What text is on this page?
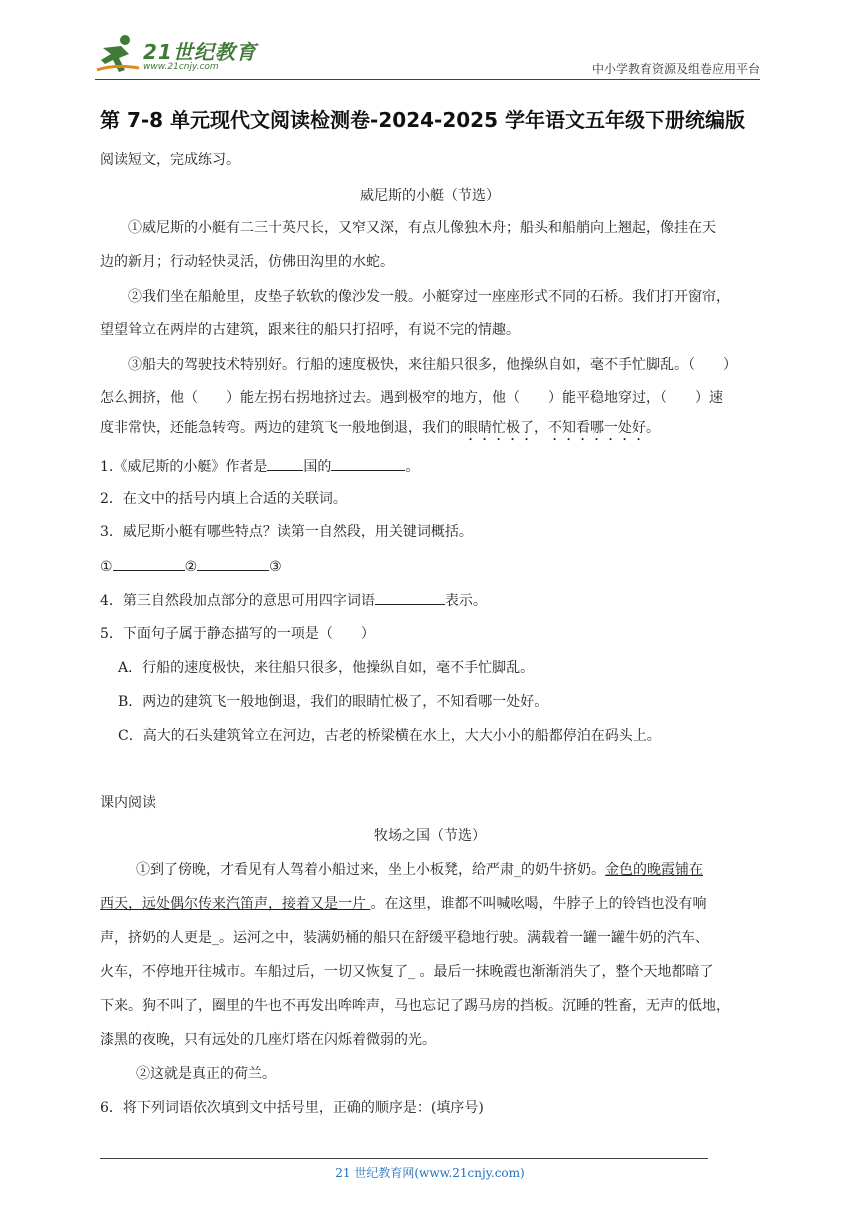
21世纪教育
www.21cnjy.com	中小学教育资源及组卷应用平台
第 7-8 单元现代文阅读检测卷-2024-2025 学年语文五年级下册统编版
阅读短文，完成练习。
威尼斯的小艇（节选）
①威尼斯的小艇有二三十英尺长，又窄又深，有点儿像独木舟；船头和船艄向上翘起，像挂在天
边的新月；行动轻快灵活，仿佛田沟里的水蛇。
②我们坐在船舱里，皮垫子软软的像沙发一般。小艇穿过一座座形式不同的石桥。我们打开窗帘，
望望耸立在两岸的古建筑，跟来往的船只打招呼，有说不完的情趣。
③船夫的驾驶技术特别好。行船的速度极快，来往船只很多，他操纵自如，毫不手忙脚乱。（　　）
怎么拥挤，他（　　）能左拐右拐地挤过去。遇到极窄的地方，他（　　）能平稳地穿过，（　　）速
度非常快，还能急转弯。两边的建筑飞一般地倒退，我们的眼睛忙极了，不知看哪一处好。
1.《威尼斯的小艇》作者是	国的	。
2．在文中的括号内填上合适的关联词。
3．威尼斯小艇有哪些特点？读第一自然段，用关键词概括。
①	②	③
4．第三自然段加点部分的意思可用四字词语	表示。
5．下面句子属于静态描写的一项是（　　）
A．行船的速度极快，来往船只很多，他操纵自如，毫不手忙脚乱。
B．两边的建筑飞一般地倒退，我们的眼睛忙极了，不知看哪一处好。
C．高大的石头建筑耸立在河边，古老的桥梁横在水上，大大小小的船都停泊在码头上。
课内阅读
牧场之国（节选）
①到了傍晚，才看见有人驾着小船过来，坐上小板凳，给严肃_的奶牛挤奶。金色的晚霞铺在
西天，远处偶尔传来汽笛声，接着又是一片 。在这里，谁都不叫喊吆喝，牛脖子上的铃铛也没有响
声，挤奶的人更是_。运河之中，装满奶桶的船只在舒缓平稳地行驶。满载着一罐一罐牛奶的汽车、
火车，不停地开往城市。车船过后，一切又恢复了_ 。最后一抹晚霞也渐渐消失了，整个天地都暗了
下来。狗不叫了，圈里的牛也不再发出哞哞声，马也忘记了踢马房的挡板。沉睡的牲畜，无声的低地，
漆黑的夜晚，只有远处的几座灯塔在闪烁着微弱的光。
②这就是真正的荷兰。
6．将下列词语依次填到文中括号里，正确的顺序是：(填序号)
21 世纪教育网(www.21cnjy.com)
